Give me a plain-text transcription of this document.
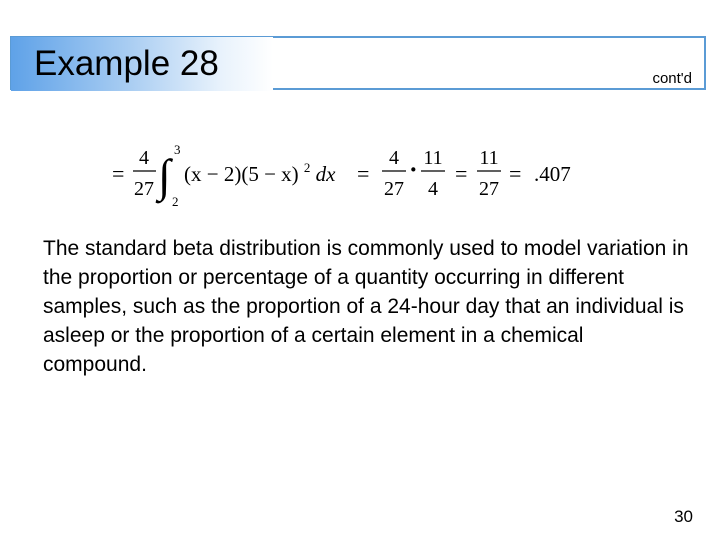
Example 28	cont'd
=
4
27 ∫
3
2
(x − 2)(5 − x) $^2$ dx =
4
27
· 11
4
=
11
27
= .407
The standard beta distribution is commonly used to model variation in the proportion or percentage of a quantity occurring in different samples, such as the proportion of a 24-hour day that an individual is asleep or the proportion of a certain element in a chemical compound.
30
